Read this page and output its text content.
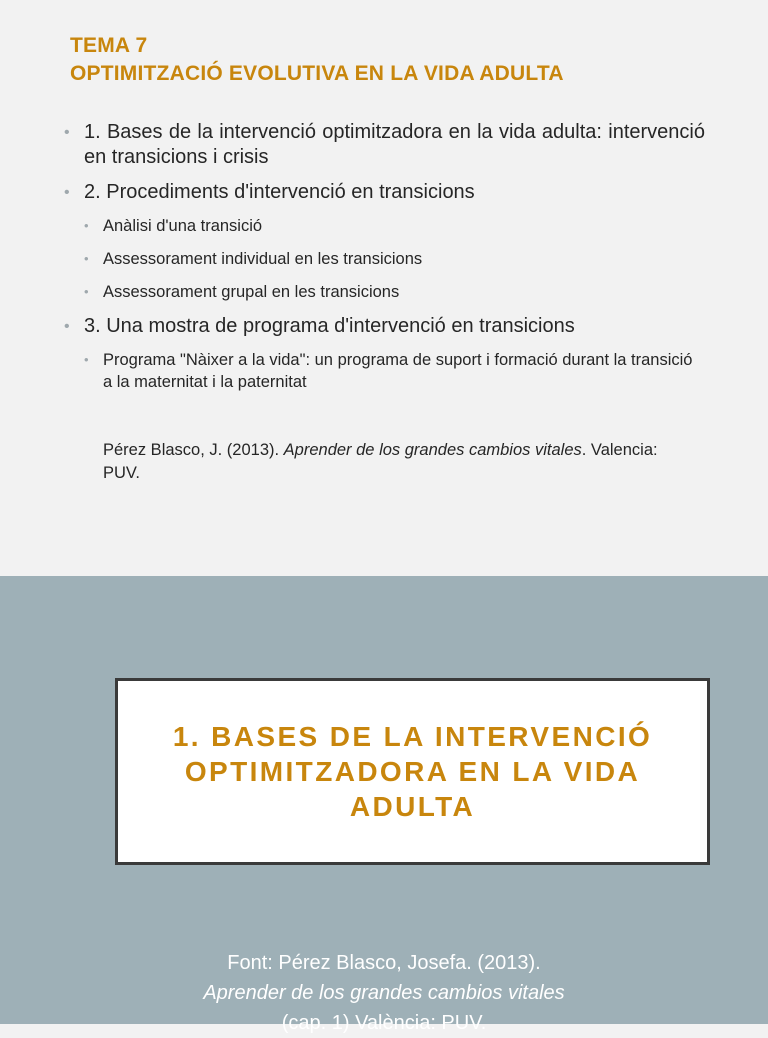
TEMA 7
OPTIMITZACIÓ EVOLUTIVA EN LA VIDA ADULTA
• 1. Bases de la intervenció optimitzadora en la vida adulta: intervenció en transicions i crisis
• 2. Procediments d'intervenció en transicions
• Anàlisi d'una transició
• Assessorament individual en les transicions
• Assessorament grupal en les transicions
• 3. Una mostra de programa d'intervenció en transicions
• Programa "Nàixer a la vida": un programa de suport i formació durant la transició a la maternitat i la paternitat
Pérez Blasco, J. (2013). Aprender de los grandes cambios vitales. Valencia: PUV.
1. BASES DE LA INTERVENCIÓ OPTIMITZADORA EN LA VIDA ADULTA
Font: Pérez Blasco, Josefa. (2013).
Aprender de los grandes cambios vitales
(cap. 1) València: PUV.
